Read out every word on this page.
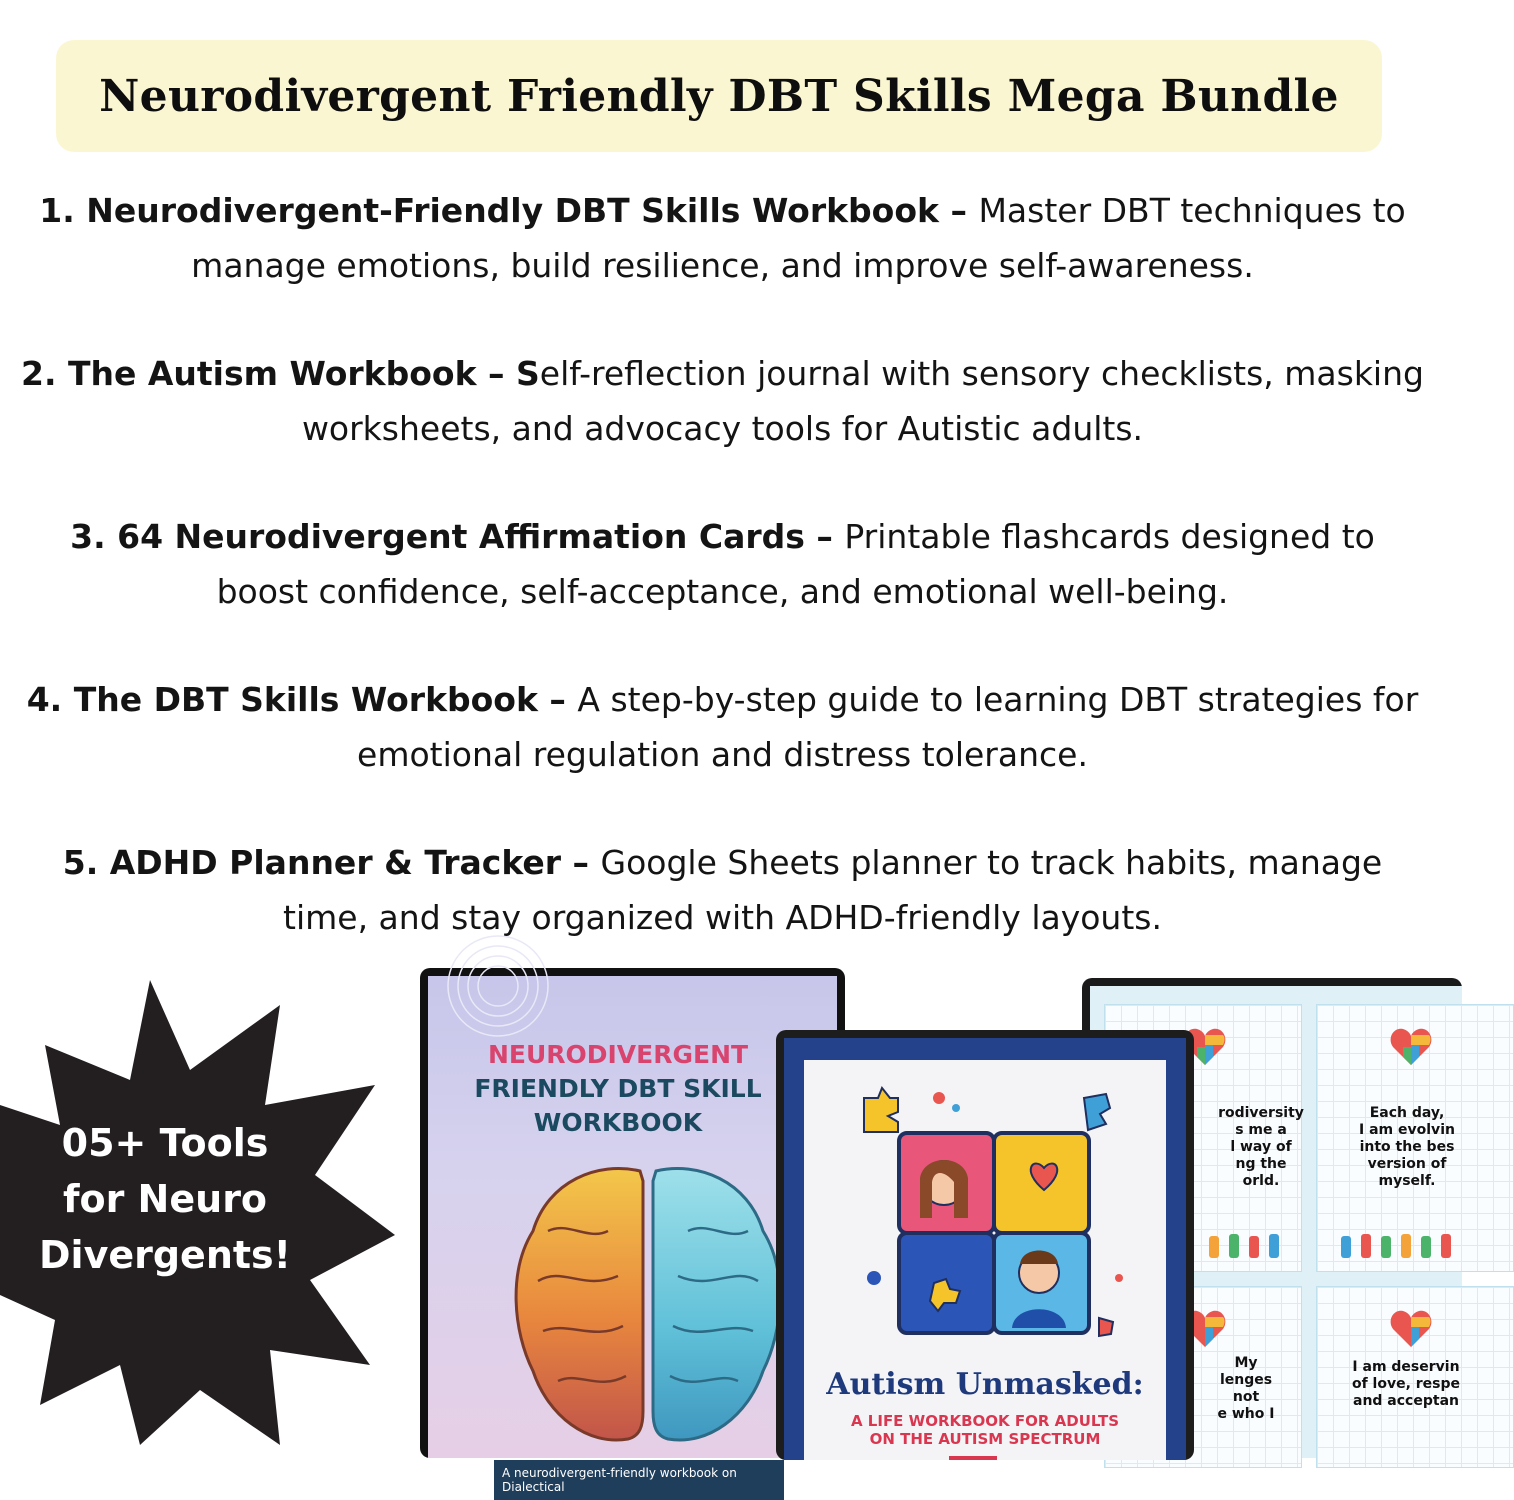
Neurodivergent Friendly DBT Skills Mega Bundle
1. Neurodivergent-Friendly DBT Skills Workbook – Master DBT techniques to manage emotions, build resilience, and improve self-awareness.
2. The Autism Workbook – Self-reflection journal with sensory checklists, masking worksheets, and advocacy tools for Autistic adults.
3. 64 Neurodivergent Affirmation Cards – Printable flashcards designed to boost confidence, self-acceptance, and emotional well-being.
4. The DBT Skills Workbook – A step-by-step guide to learning DBT strategies for emotional regulation and distress tolerance.
5. ADHD Planner & Tracker – Google Sheets planner to track habits, manage time, and stay organized with ADHD-friendly layouts.
05+ Tools
for Neuro
Divergents!
NEURODIVERGENT
FRIENDLY DBT SKILL
WORKBOOK
A neurodivergent-friendly workbook on Dialectical
rodiversity
s me a
l way of
ng the
orld.
Each day,
I am evolvin
into the bes
version of
myself.
My
lenges
not
e who I
I am deservin
of love, respe
and acceptan
Autism Unmasked:
A LIFE WORKBOOK FOR ADULTS
ON THE AUTISM SPECTRUM
